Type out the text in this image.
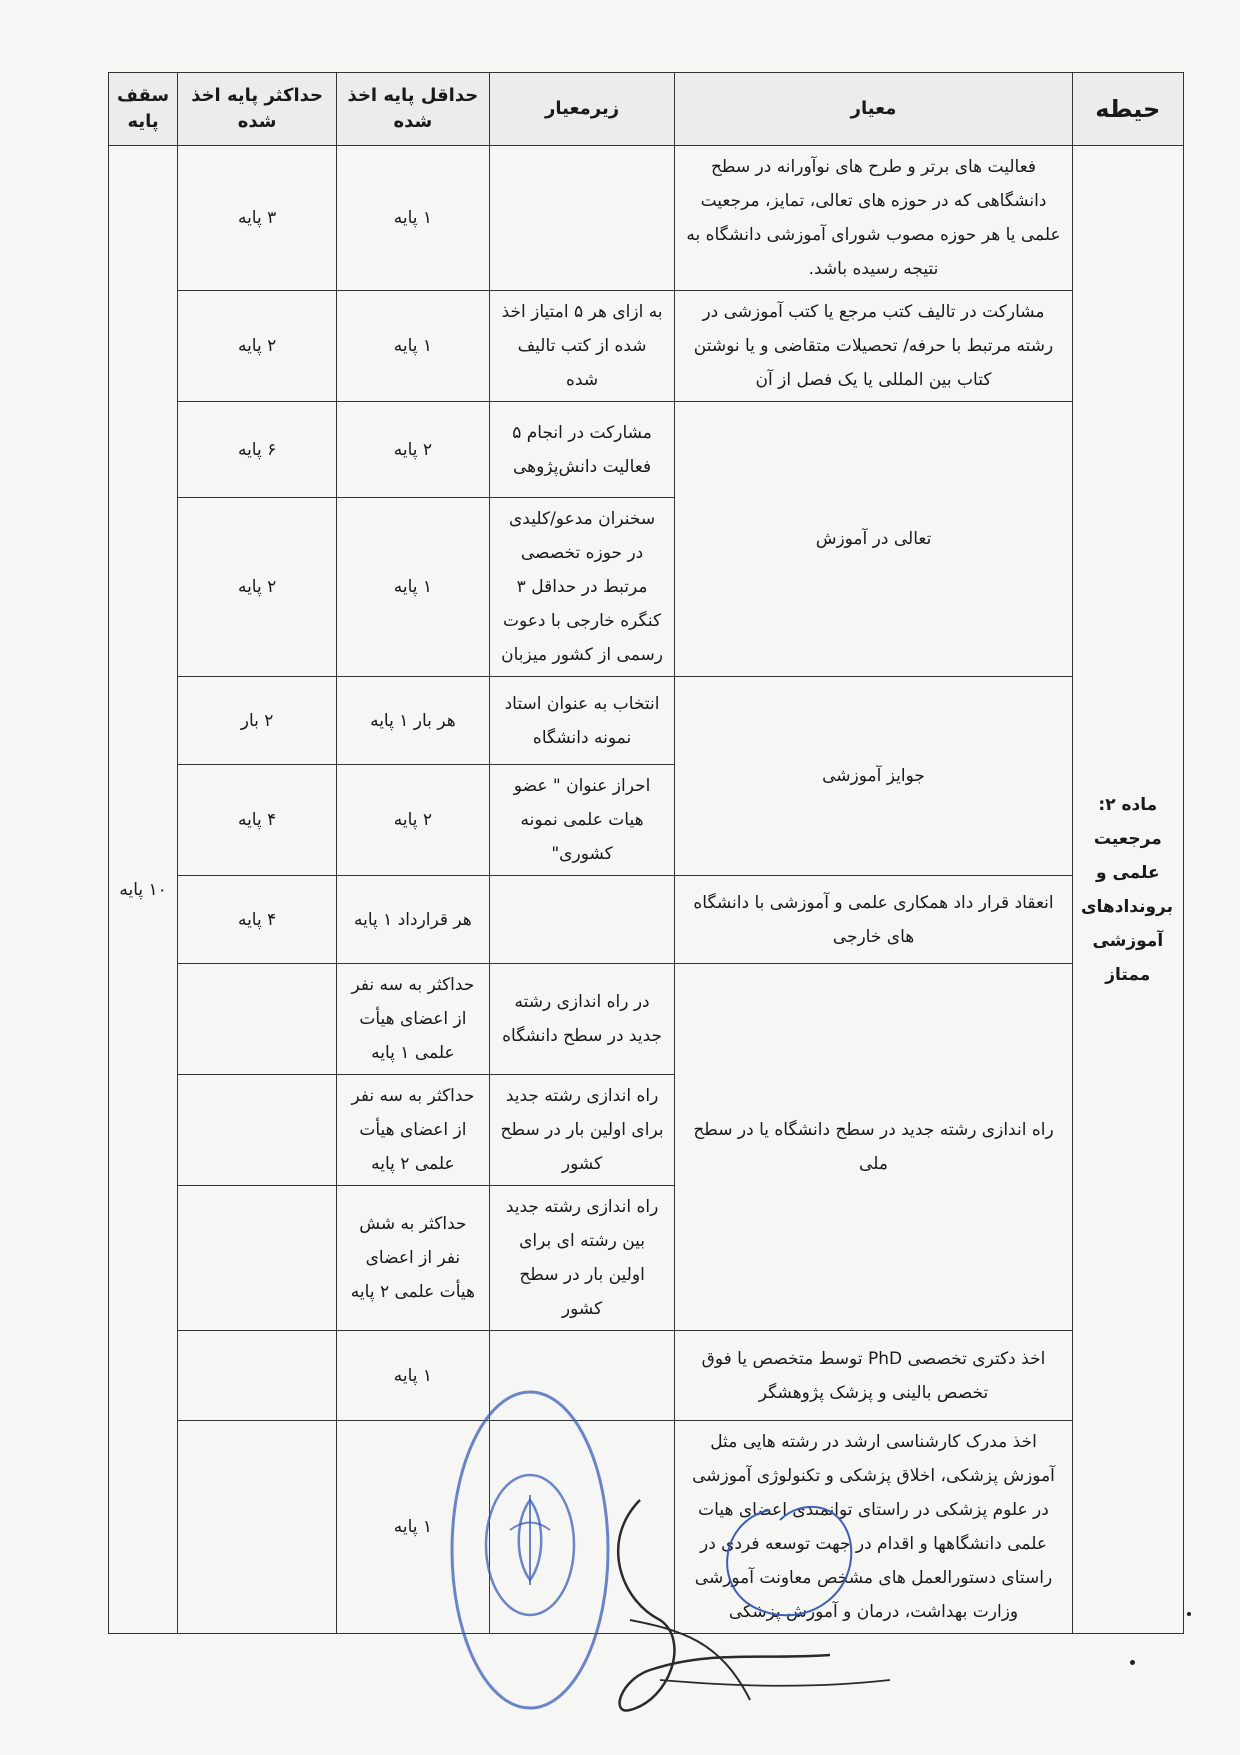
حیطه	معیار	زیرمعیار	حداقل پایه اخذ شده	حداکثر پایه اخذ شده	سقف پایه
ماده ۲: مرجعیت علمی و بروندادهای آموزشی ممتاز	فعالیت های برتر و طرح های نوآورانه در سطح دانشگاهی که در حوزه های تعالی، تمایز، مرجعیت علمی یا هر حوزه مصوب شورای آموزشی دانشگاه به نتیجه رسیده باشد.		۱ پایه	۳ پایه	۱۰ پایه
	مشارکت در تالیف کتب مرجع یا کتب آموزشی در رشته مرتبط با حرفه/ تحصیلات متقاضی و یا نوشتن کتاب بین المللی یا یک فصل از آن	به ازای هر ۵ امتیاز اخذ شده از کتب تالیف شده	۱ پایه	۲ پایه	
	تعالی در آموزش	مشارکت در انجام ۵ فعالیت دانش‌پژوهی	۲ پایه	۶ پایه	
		سخنران مدعو/کلیدی در حوزه تخصصی مرتبط در حداقل ۳ کنگره خارجی با دعوت رسمی از کشور میزبان	۱ پایه	۲ پایه	
	جوایز آموزشی	انتخاب به عنوان استاد نمونه دانشگاه	هر بار ۱ پایه	۲ بار	
		احراز عنوان " عضو هیات علمی نمونه کشوری"	۲ پایه	۴ پایه	
	انعقاد قرار داد همکاری علمی و آموزشی با دانشگاه های خارجی		هر قرارداد ۱ پایه	۴ پایه	
	راه اندازی رشته جدید در سطح دانشگاه یا در سطح ملی	در راه اندازی رشته جدید در سطح دانشگاه	حداکثر به سه نفر از اعضای هیأت علمی ۱ پایه		
		راه اندازی رشته جدید برای اولین بار در سطح کشور	حداکثر به سه نفر از اعضای هیأت علمی ۲ پایه		
		راه اندازی رشته جدید بین رشته ای برای اولین بار در سطح کشور	حداکثر به شش نفر از اعضای هیأت علمی ۲ پایه		
	اخذ دکتری تخصصی PhD توسط متخصص یا فوق تخصص بالینی و پزشک پژوهشگر		۱ پایه		
	اخذ مدرک کارشناسی ارشد در رشته هایی مثل آموزش پزشکی، اخلاق پزشکی و تکنولوژی آموزشی در علوم پزشکی در راستای توانمندی اعضای هیات علمی دانشگاهها و اقدام در جهت توسعه فردی در راستای دستورالعمل های مشخص معاونت آموزشی وزارت بهداشت، درمان و آموزش پزشکی		۱ پایه		
